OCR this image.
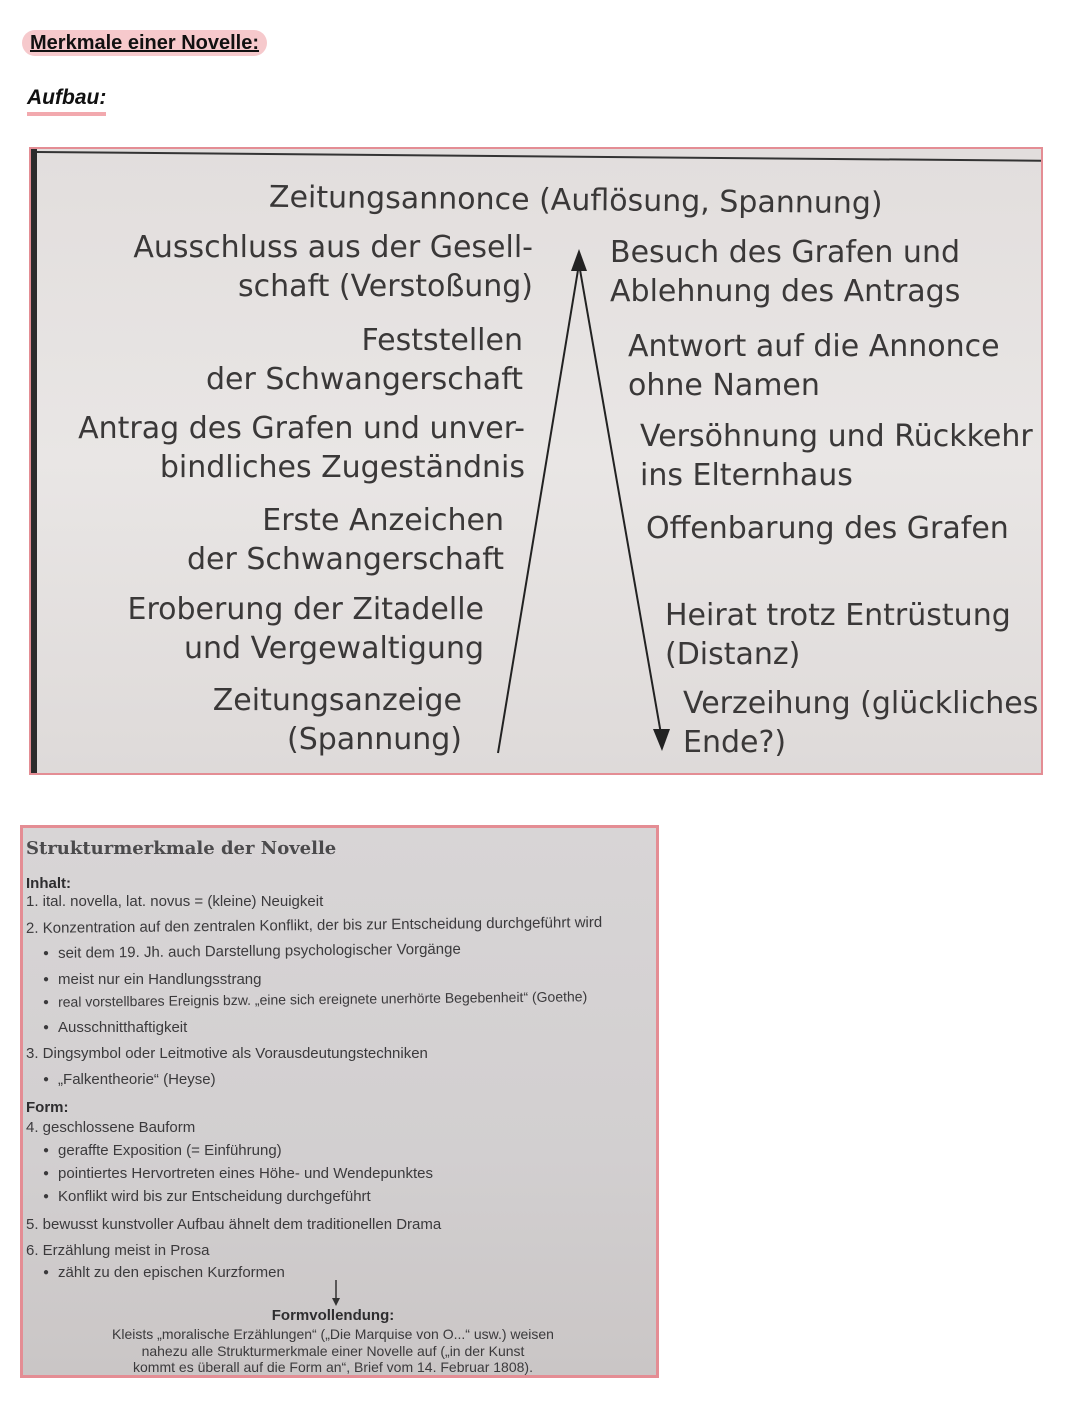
Merkmale einer Novelle:
Aufbau:
Zeitungsannonce (Auflösung, Spannung)
Ausschluss aus der Gesell-
schaft (Verstoßung)
Feststellen
der Schwangerschaft
Antrag des Grafen und unver-
bindliches Zugeständnis
Erste Anzeichen
der Schwangerschaft
Eroberung der Zitadelle
und Vergewaltigung
Zeitungsanzeige
(Spannung)
Besuch des Grafen und
Ablehnung des Antrags
Antwort auf die Annonce
ohne Namen
Versöhnung und Rückkehr
ins Elternhaus
Offenbarung des Grafen
Heirat trotz Entrüstung
(Distanz)
Verzeihung (glückliches
Ende?)
Strukturmerkmale der Novelle
Inhalt:
1. ital. novella, lat. novus = (kleine) Neuigkeit
2. Konzentration auf den zentralen Konflikt, der bis zur Entscheidung durchgeführt wird
● seit dem 19. Jh. auch Darstellung psychologischer Vorgänge
● meist nur ein Handlungsstrang
● real vorstellbares Ereignis bzw. „eine sich ereignete unerhörte Begebenheit“ (Goethe)
● Ausschnitthaftigkeit
3. Dingsymbol oder Leitmotive als Vorausdeutungstechniken
● „Falkentheorie“ (Heyse)
Form:
4. geschlossene Bauform
● geraffte Exposition (= Einführung)
● pointiertes Hervortreten eines Höhe- und Wendepunktes
● Konflikt wird bis zur Entscheidung durchgeführt
5. bewusst kunstvoller Aufbau ähnelt dem traditionellen Drama
6. Erzählung meist in Prosa
● zählt zu den epischen Kurzformen
Formvollendung:
Kleists „moralische Erzählungen“ („Die Marquise von O...“ usw.) weisen
nahezu alle Strukturmerkmale einer Novelle auf („in der Kunst
kommt es überall auf die Form an“, Brief vom 14. Februar 1808).
